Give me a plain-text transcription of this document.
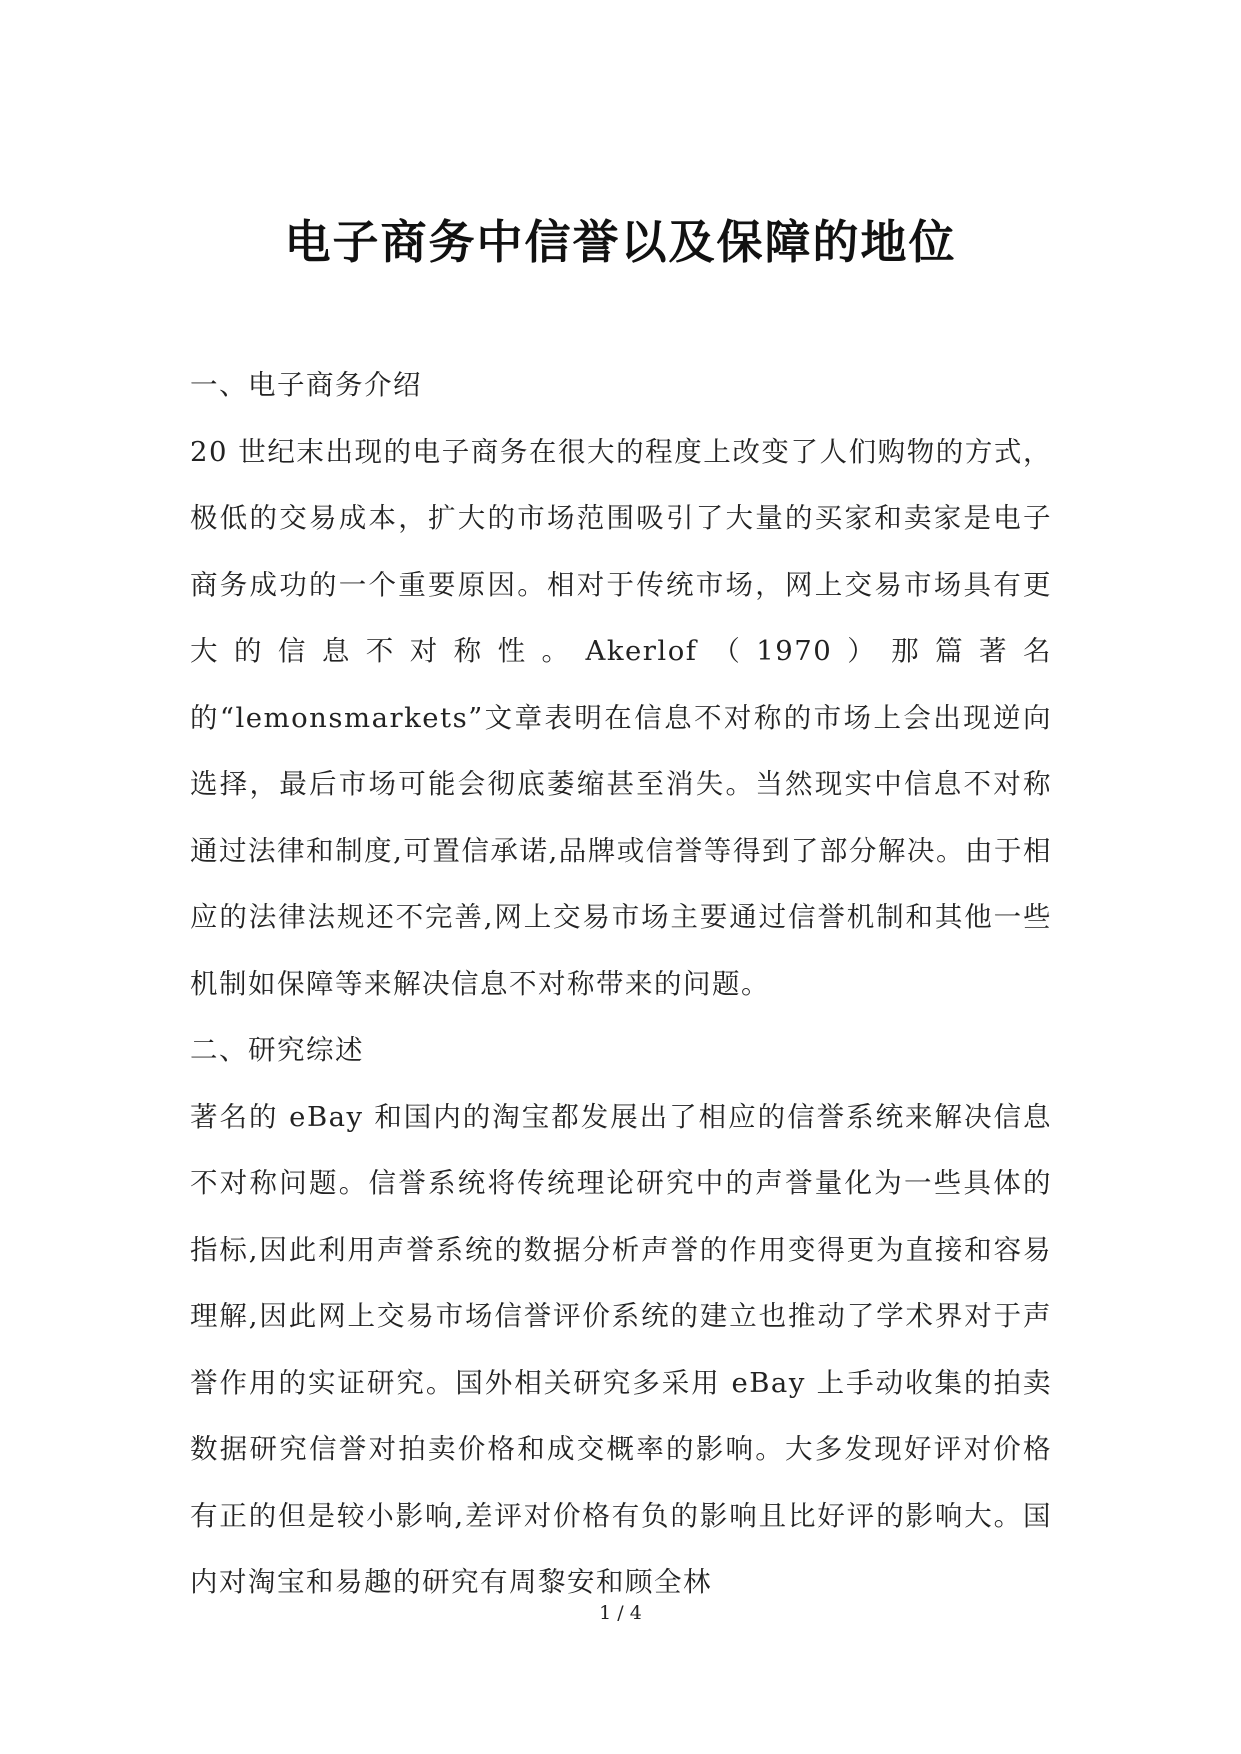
电子商务中信誉以及保障的地位

一、电子商务介绍

20 世纪末出现的电子商务在很大的程度上改变了人们购物的方式，极低的交易成本，扩大的市场范围吸引了大量的买家和卖家是电子商务成功的一个重要原因。相对于传统市场，网上交易市场具有更大的信息不对称性。Akerlof（1970）那篇著名的“lemonsmarkets”文章表明在信息不对称的市场上会出现逆向选择，最后市场可能会彻底萎缩甚至消失。当然现实中信息不对称通过法律和制度,可置信承诺,品牌或信誉等得到了部分解决。由于相应的法律法规还不完善,网上交易市场主要通过信誉机制和其他一些机制如保障等来解决信息不对称带来的问题。

二、研究综述

著名的 eBay 和国内的淘宝都发展出了相应的信誉系统来解决信息不对称问题。信誉系统将传统理论研究中的声誉量化为一些具体的指标,因此利用声誉系统的数据分析声誉的作用变得更为直接和容易理解,因此网上交易市场信誉评价系统的建立也推动了学术界对于声誉作用的实证研究。国外相关研究多采用 eBay 上手动收集的拍卖数据研究信誉对拍卖价格和成交概率的影响。大多发现好评对价格有正的但是较小影响,差评对价格有负的影响且比好评的影响大。国内对淘宝和易趣的研究有周黎安和顾全林

1 / 4
